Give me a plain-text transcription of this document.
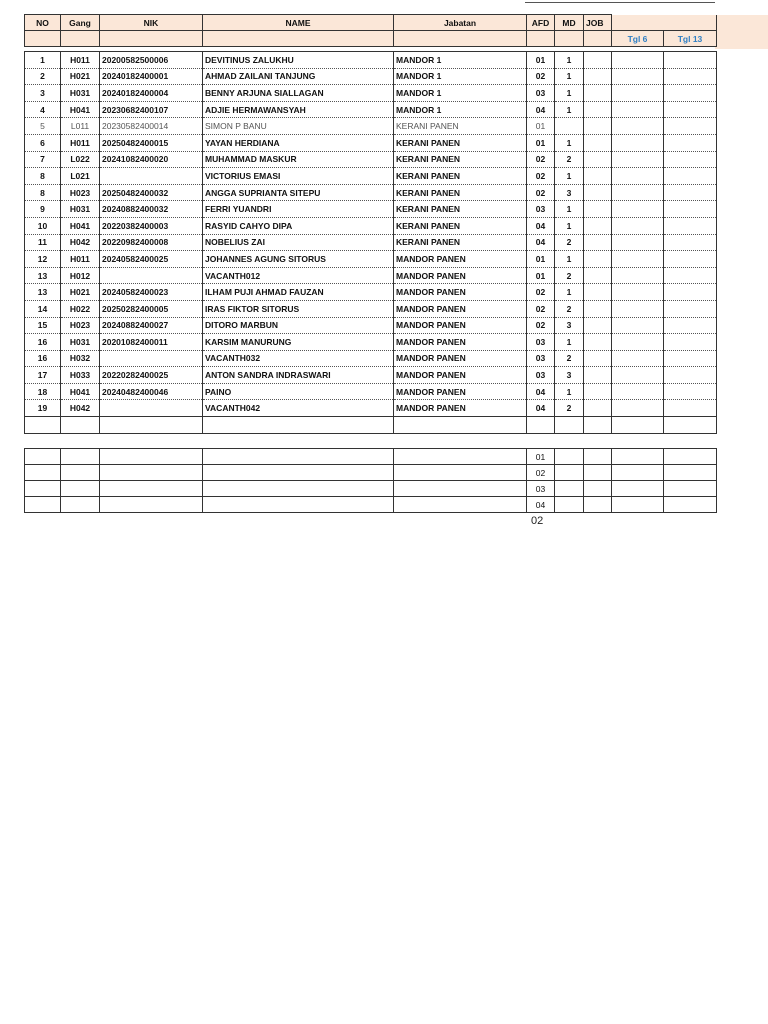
NO	Gang	NIK	NAME	Jabatan	AFD	MD	JOB		
								Tgl 6	Tgl 13
1	H011	20200582500006	DEVITINUS ZALUKHU	MANDOR 1	01	1			
2	H021	20240182400001	AHMAD ZAILANI TANJUNG	MANDOR 1	02	1			
3	H031	20240182400004	BENNY ARJUNA SIALLAGAN	MANDOR 1	03	1			
4	H041	20230682400107	ADJIE HERMAWANSYAH	MANDOR 1	04	1			
5	L011	20230582400014	SIMON P BANU	KERANI PANEN	01				
6	H011	20250482400015	YAYAN HERDIANA	KERANI PANEN	01	1			
7	L022	20241082400020	MUHAMMAD MASKUR	KERANI PANEN	02	2			
8	L021		VICTORIUS EMASI	KERANI PANEN	02	1			
8	H023	20250482400032	ANGGA SUPRIANTA SITEPU	KERANI PANEN	02	3			
9	H031	20240882400032	FERRI YUANDRI	KERANI PANEN	03	1			
10	H041	20220382400003	RASYID CAHYO DIPA	KERANI PANEN	04	1			
11	H042	20220982400008	NOBELIUS ZAI	KERANI PANEN	04	2			
12	H011	20240582400025	JOHANNES AGUNG SITORUS	MANDOR PANEN	01	1			
13	H012		VACANTH012	MANDOR PANEN	01	2			
13	H021	20240582400023	ILHAM PUJI AHMAD FAUZAN	MANDOR PANEN	02	1			
14	H022	20250282400005	IRAS FIKTOR SITORUS	MANDOR PANEN	02	2			
15	H023	20240882400027	DITORO MARBUN	MANDOR PANEN	02	3			
16	H031	20201082400011	KARSIM MANURUNG	MANDOR PANEN	03	1			
16	H032		VACANTH032	MANDOR PANEN	03	2			
17	H033	20220282400025	ANTON SANDRA INDRASWARI	MANDOR PANEN	03	3			
18	H041	20240482400046	PAINO	MANDOR PANEN	04	1			
19	H042		VACANTH042	MANDOR PANEN	04	2			

					01				
					02				
					03				
					04				
02
